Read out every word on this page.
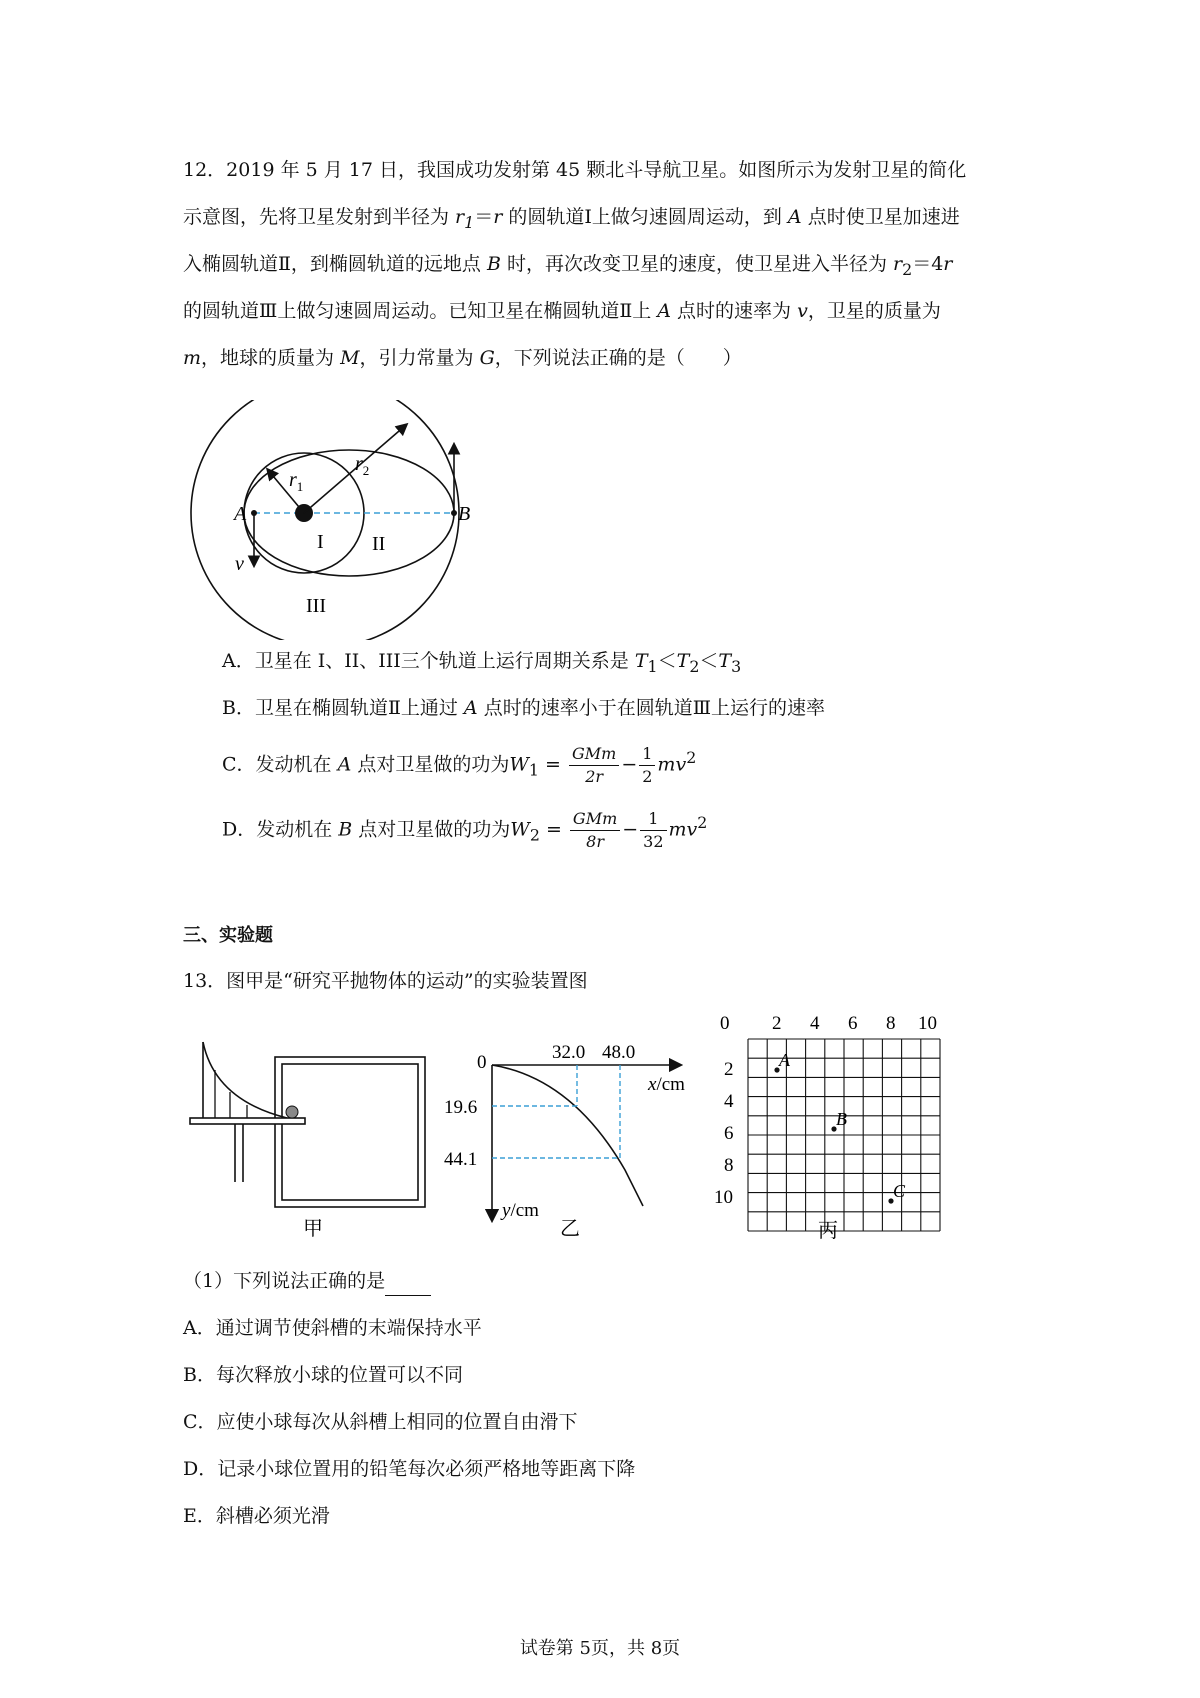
12．2019 年 5 月 17 日，我国成功发射第 45 颗北斗导航卫星。如图所示为发射卫星的简化
示意图，先将卫星发射到半径为 $r_1=r$ 的圆轨道Ⅰ上做匀速圆周运动，到 A 点时使卫星加速进
入椭圆轨道Ⅱ，到椭圆轨道的远地点 B 时，再次改变卫星的速度，使卫星进入半径为 $r_2=4r$
的圆轨道Ⅲ上做匀速圆周运动。已知卫星在椭圆轨道Ⅱ上 A 点时的速率为 v，卫星的质量为
m，地球的质量为 M，引力常量为 G，下列说法正确的是（　　）
$r_1$
$r_2$
A	B
I II
III
v
A．卫星在 I、II、III三个轨道上运行周期关系是 $T_1<T_2<T_3$
B．卫星在椭圆轨道Ⅱ上通过 A 点时的速率小于在圆轨道Ⅲ上运行的速率
C．发动机在 A 点对卫星做的功为$W_1 = \frac{\text{GMm}}{2r} - \frac{1}{2} mv^2$
D．发动机在 B 点对卫星做的功为$W_2 = \frac{\text{GMm}}{8r} - \frac{1}{32} mv^2$
三、实验题
13．图甲是“研究平抛物体的运动”的实验装置图
甲
0	32.0 48.0
19.6
44.1
x/cm
y/cm
乙
0 2 4 6 8 10
2
4
6
8
10
A
B
C
丙
（1）下列说法正确的是
A．通过调节使斜槽的末端保持水平
B．每次释放小球的位置可以不同
C．应使小球每次从斜槽上相同的位置自由滑下
D．记录小球位置用的铅笔每次必须严格地等距离下降
E．斜槽必须光滑
试卷第 5页，共 8页
